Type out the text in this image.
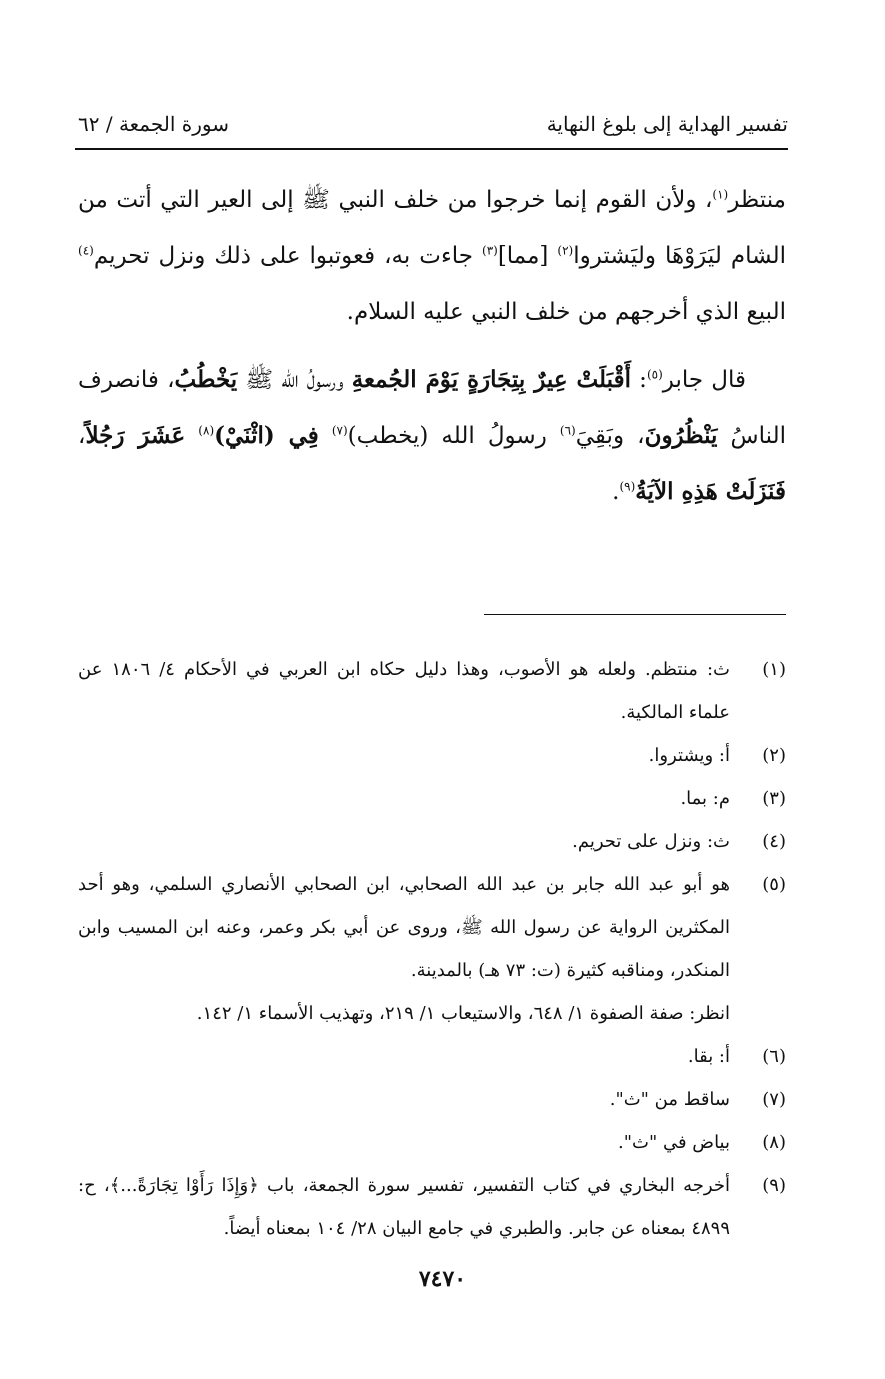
تفسير الهداية إلى بلوغ النهاية
سورة الجمعة / ٦٢

منتظر$^{(١)}$، ولأن القوم إنما خرجوا من خلف النبي ﷺ إلى العير التي أتت من الشام ليَرَوْهَا وليَشتروا$^{(٢)}$ [مما]$^{(٣)}$ جاءت به، فعوتبوا على ذلك ونزل تحريم$^{(٤)}$ البيع الذي أخرجهم من خلف النبي عليه السلام.

قال جابر$^{(٥)}$: أَقْبَلَتْ عِيرٌ بِتِجَارَةٍ يَوْمَ الجُمعةِ ورسولُ الله ﷺ يَخْطُبُ، فانصرف الناسُ يَنْظُرُونَ، وبَقِيَ$^{(٦)}$ رسولُ الله (يخطب)$^{(٧)}$ فِي (اثْنَيْ)$^{(٨)}$ عَشَرَ رَجُلاً، فَنَزَلَتْ هَذِهِ الآيَةُ$^{(٩)}$.

(١)
ث: منتظم. ولعله هو الأصوب، وهذا دليل حكاه ابن العربي في الأحكام ٤/ ١٨٠٦ عن علماء المالكية.
(٢)
أ: ويشتروا.
(٣)
م: بما.
(٤)
ث: ونزل على تحريم.
(٥)
هو أبو عبد الله جابر بن عبد الله الصحابي، ابن الصحابي الأنصاري السلمي، وهو أحد المكثرين الرواية عن رسول الله ﷺ، وروى عن أبي بكر وعمر، وعنه ابن المسيب وابن المنكدر، ومناقبه كثيرة (ت: ٧٣ هـ) بالمدينة.
انظر: صفة الصفوة ١/ ٦٤٨، والاستيعاب ١/ ٢١٩، وتهذيب الأسماء ١/ ١٤٢.
(٦)
أ: بقا.
(٧)
ساقط من "ث".
(٨)
بياض في "ث".
(٩)
أخرجه البخاري في كتاب التفسير، تفسير سورة الجمعة، باب ﴿وَإِذَا رَأَوْا تِجَارَةً...﴾، ح: ٤٨٩٩ بمعناه عن جابر. والطبري في جامع البيان ٢٨/ ١٠٤ بمعناه أيضاً.
٧٤٧٠
